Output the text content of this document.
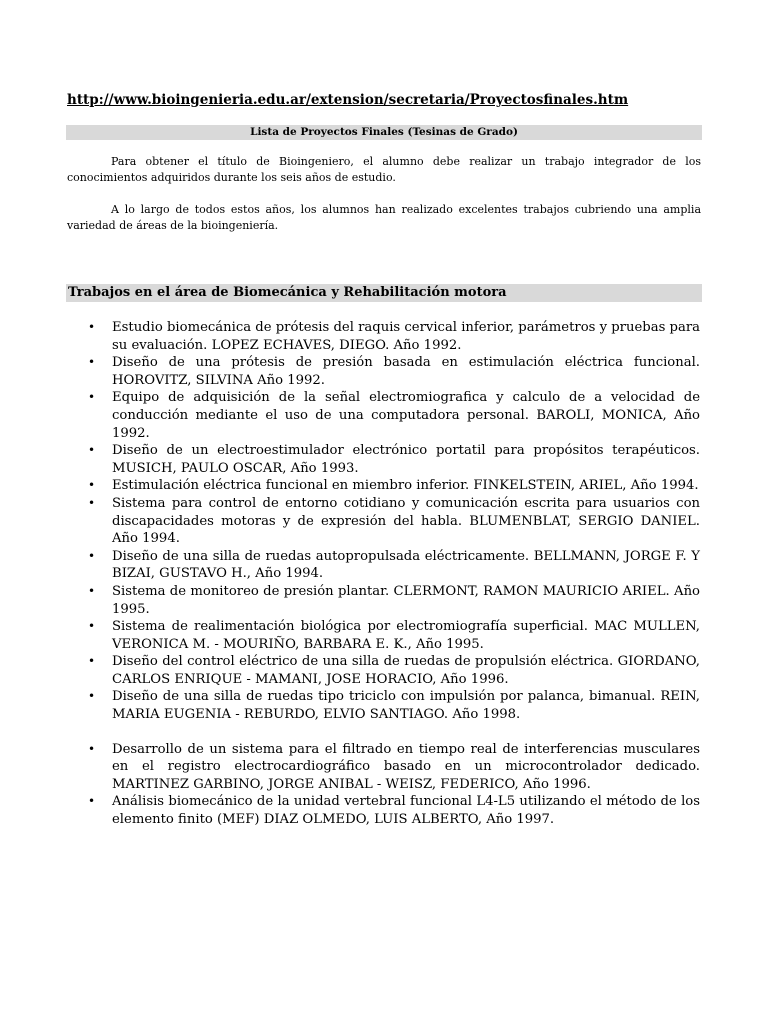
http://www.bioingenieria.edu.ar/extension/secretaria/Proyectosfinales.htm
Lista de Proyectos Finales (Tesinas de Grado)

Para obtener el título de Bioingeniero, el alumno debe realizar un trabajo integrador de los conocimientos adquiridos durante los seis años de estudio.

A lo largo de todos estos años, los alumnos han realizado excelentes trabajos cubriendo una amplia variedad de áreas de la bioingeniería.

Trabajos en el área de Biomecánica y Rehabilitación motora
• Estudio biomecánica de prótesis del raquis cervical inferior, parámetros y pruebas para su evaluación. LOPEZ ECHAVES, DIEGO. Año 1992.
• Diseño de una prótesis de presión basada en estimulación eléctrica funcional. HOROVITZ, SILVINA Año 1992.
• Equipo de adquisición de la señal electromiografica y calculo de a velocidad de conducción mediante el uso de una computadora personal. BAROLI, MONICA, Año 1992.
• Diseño de un electroestimulador electrónico portatil para propósitos terapéuticos. MUSICH, PAULO OSCAR, Año 1993.
• Estimulación eléctrica funcional en miembro inferior. FINKELSTEIN, ARIEL, Año 1994.
• Sistema para control de entorno cotidiano y comunicación escrita para usuarios con discapacidades motoras y de expresión del habla. BLUMENBLAT, SERGIO DANIEL. Año 1994.
• Diseño de una silla de ruedas autopropulsada eléctricamente. BELLMANN, JORGE F. Y BIZAI, GUSTAVO H., Año 1994.
• Sistema de monitoreo de presión plantar. CLERMONT, RAMON MAURICIO ARIEL. Año 1995.
• Sistema de realimentación biológica por electromiografía superficial. MAC MULLEN, VERONICA M. - MOURIÑO, BARBARA E. K., Año 1995.
• Diseño del control eléctrico de una silla de ruedas de propulsión eléctrica. GIORDANO, CARLOS ENRIQUE - MAMANI, JOSE HORACIO, Año 1996.
• Diseño de una silla de ruedas tipo triciclo con impulsión por palanca, bimanual. REIN, MARIA EUGENIA - REBURDO, ELVIO SANTIAGO. Año 1998.
• Desarrollo de un sistema para el filtrado en tiempo real de interferencias musculares en el registro electrocardiográfico basado en un microcontrolador dedicado. MARTINEZ GARBINO, JORGE ANIBAL - WEISZ, FEDERICO, Año 1996.
• Análisis biomecánico de la unidad vertebral funcional L4-L5 utilizando el método de los elemento finito (MEF) DIAZ OLMEDO, LUIS ALBERTO, Año 1997.
